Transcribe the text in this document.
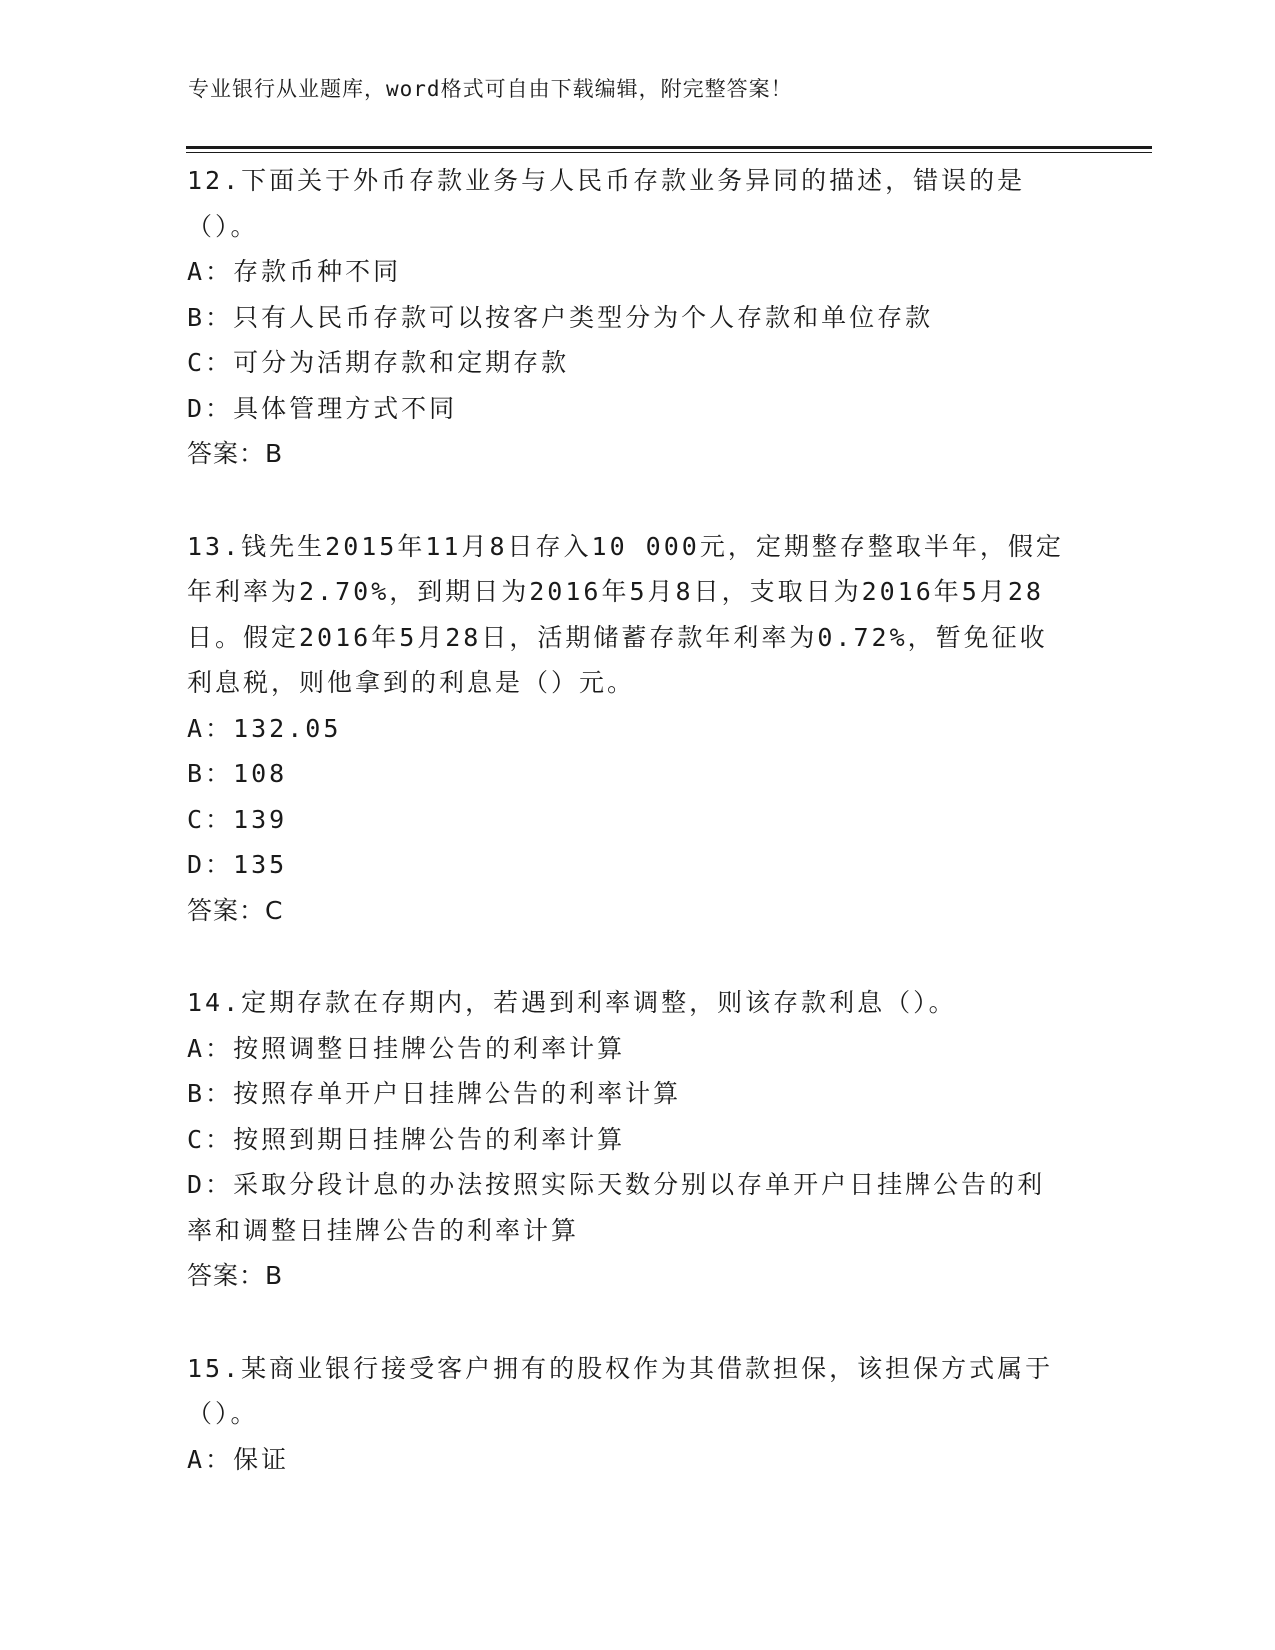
专业银行从业题库，word格式可自由下载编辑，附完整答案！

12.下面关于外币存款业务与人民币存款业务异同的描述，错误的是（）。

A：存款币种不同

B：只有人民币存款可以按客户类型分为个人存款和单位存款

C：可分为活期存款和定期存款

D：具体管理方式不同

答案：B

13.钱先生2015年11月8日存入10 000元，定期整存整取半年，假定年利率为2.70%，到期日为2016年5月8日，支取日为2016年5月28日。假定2016年5月28日，活期储蓄存款年利率为0.72%，暂免征收利息税，则他拿到的利息是（）元。

A：132.05

B：108

C：139

D：135

答案：C

14.定期存款在存期内，若遇到利率调整，则该存款利息（）。

A：按照调整日挂牌公告的利率计算

B：按照存单开户日挂牌公告的利率计算

C：按照到期日挂牌公告的利率计算

D：采取分段计息的办法按照实际天数分别以存单开户日挂牌公告的利率和调整日挂牌公告的利率计算

答案：B

15.某商业银行接受客户拥有的股权作为其借款担保，该担保方式属于（）。

A：保证
